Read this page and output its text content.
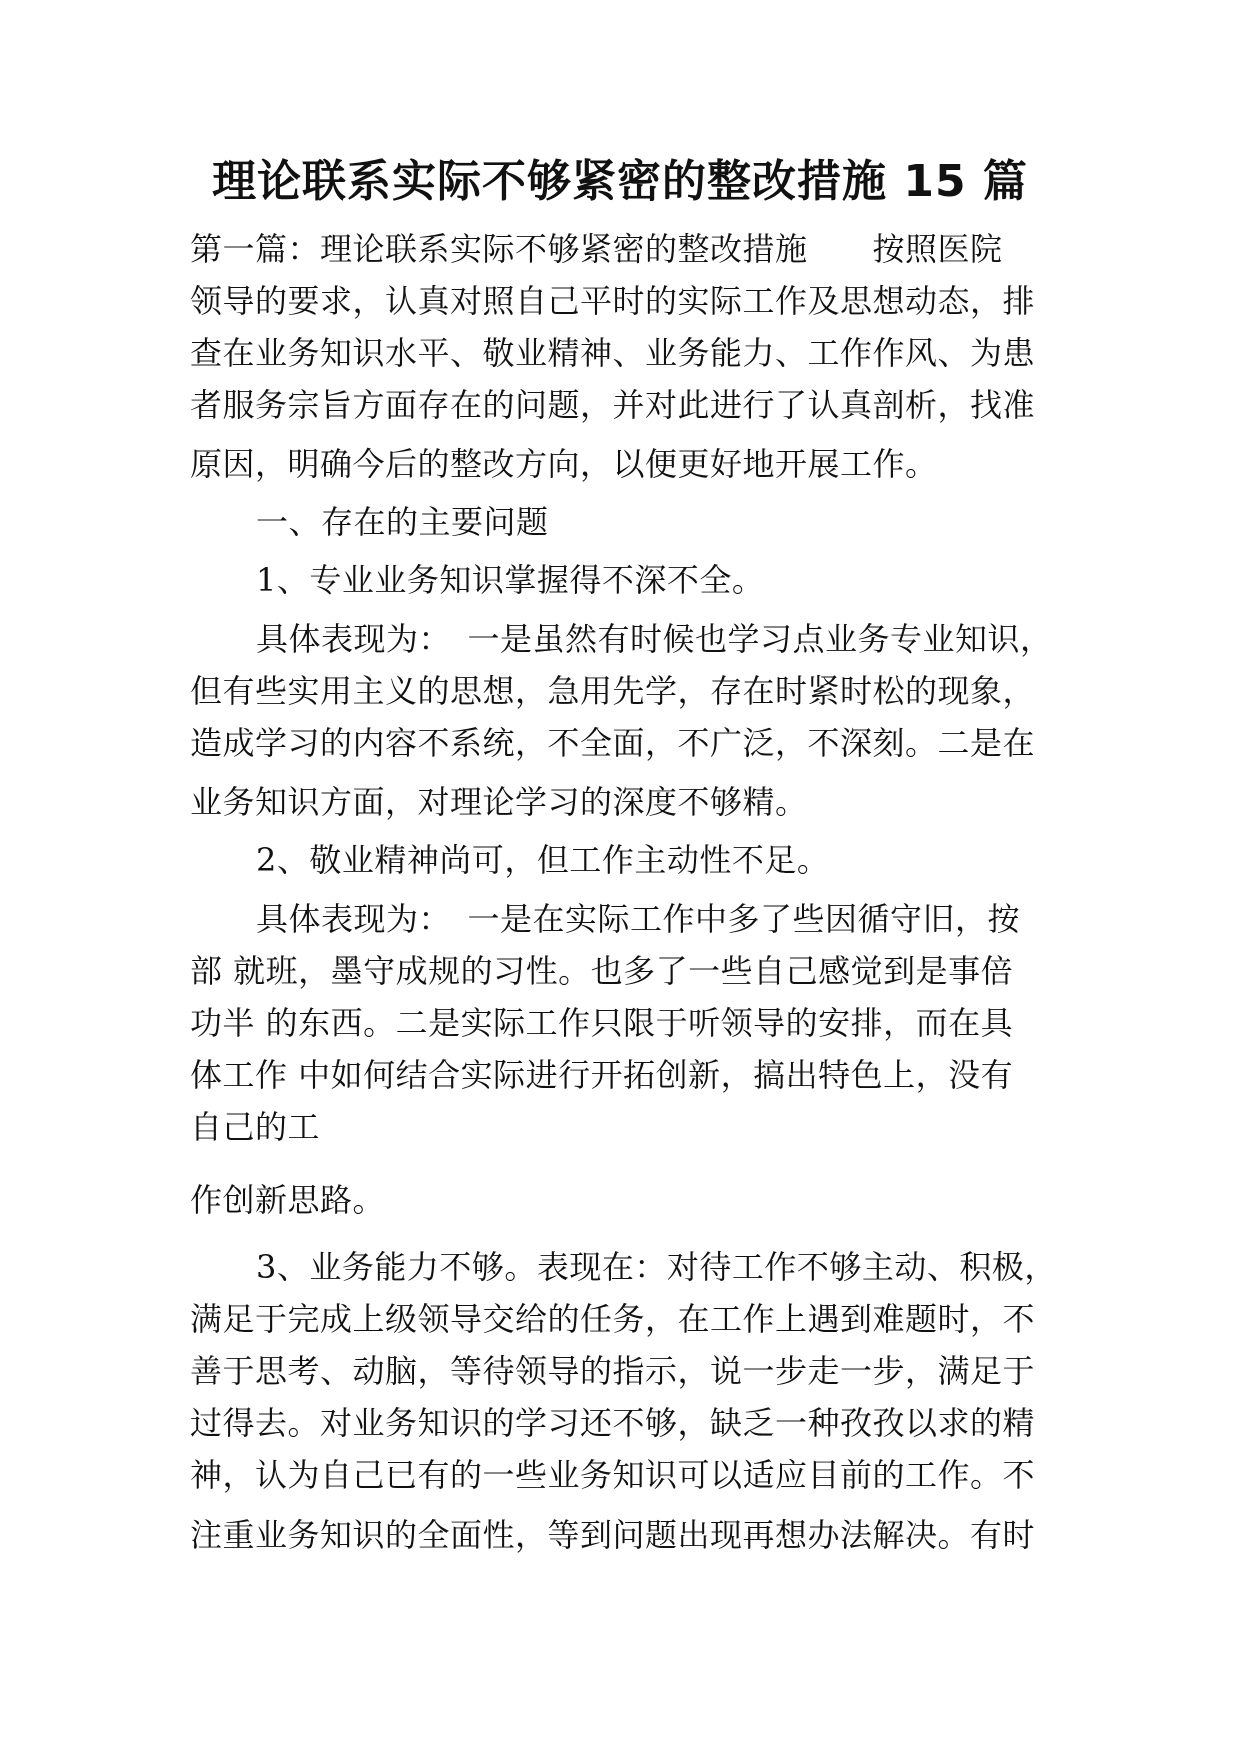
理论联系实际不够紧密的整改措施 15 篇
第一篇：理论联系实际不够紧密的整改措施　　按照医院
领导的要求，认真对照自己平时的实际工作及思想动态，排
查在业务知识水平、敬业精神、业务能力、工作作风、为患
者服务宗旨方面存在的问题，并对此进行了认真剖析，找准
原因，明确今后的整改方向，以便更好地开展工作。
一、存在的主要问题
1、专业业务知识掌握得不深不全。
具体表现为：　一是虽然有时候也学习点业务专业知识，
但有些实用主义的思想，急用先学，存在时紧时松的现象，
造成学习的内容不系统，不全面，不广泛，不深刻。二是在
业务知识方面，对理论学习的深度不够精。
2、敬业精神尚可，但工作主动性不足。
具体表现为：　一是在实际工作中多了些因循守旧，按
部 就班，墨守成规的习性。也多了一些自己感觉到是事倍
功半 的东西。二是实际工作只限于听领导的安排，而在具
体工作 中如何结合实际进行开拓创新，搞出特色上，没有
自己的工
作创新思路。
3、业务能力不够。表现在：对待工作不够主动、积极，
满足于完成上级领导交给的任务，在工作上遇到难题时，不
善于思考、动脑，等待领导的指示，说一步走一步，满足于
过得去。对业务知识的学习还不够，缺乏一种孜孜以求的精
神，认为自己已有的一些业务知识可以适应目前的工作。不
注重业务知识的全面性，等到问题出现再想办法解决。有时
